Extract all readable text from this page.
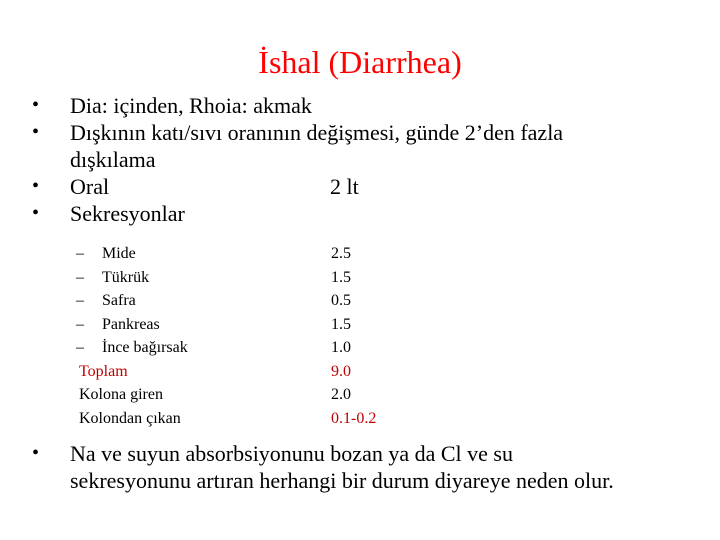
İshal (Diarrhea)
•	Dia: içinden, Rhoia: akmak
•	Dışkının katı/sıvı oranının değişmesi, günde 2’den fazla
dışkılama
•	Oral	2 lt
•	Sekresyonlar
– Mide	2.5
– Tükrük	1.5
– Safra	0.5
– Pankreas	1.5
– İnce bağırsak	1.0
Toplam	9.0
Kolona giren	2.0
Kolondan çıkan	0.1-0.2
•	Na ve suyun absorbsiyonunu bozan ya da Cl ve su
sekresyonunu artıran herhangi bir durum diyareye neden olur.
